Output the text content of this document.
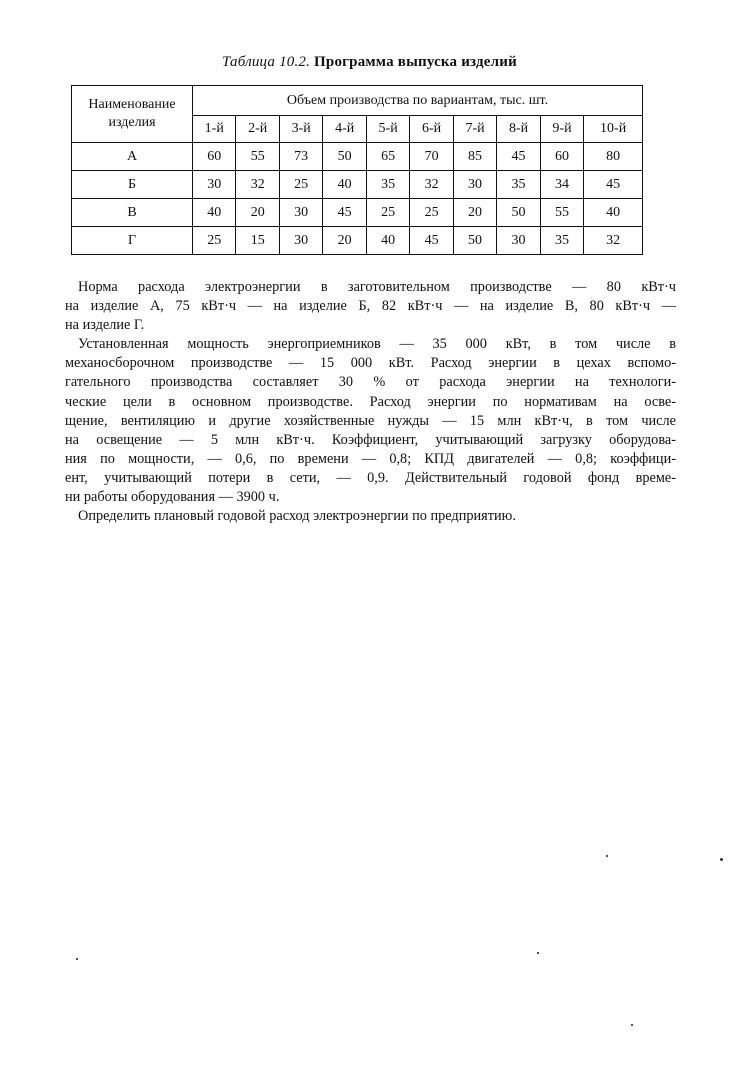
Таблица 10.2. Программа выпуска изделий
Наименование изделия	Объем производства по вариантам, тыс. шт.									
	1-й	2-й	3-й	4-й	5-й	6-й	7-й	8-й	9-й	10-й
А	60	55	73	50	65	70	85	45	60	80
Б	30	32	25	40	35	32	30	35	34	45
В	40	20	30	45	25	25	20	50	55	40
Г	25	15	30	20	40	45	50	30	35	32

Норма расхода электроэнергии в заготовительном производстве — 80 кВт·ч
на изделие А, 75 кВт·ч — на изделие Б, 82 кВт·ч — на изделие В, 80 кВт·ч —
на изделие Г.

Установленная мощность энергоприемников — 35 000 кВт, в том числе в
механосборочном производстве — 15 000 кВт. Расход энергии в цехах вспомо-
гательного производства составляет 30 % от расхода энергии на технологи-
ческие цели в основном производстве. Расход энергии по нормативам на осве-
щение, вентиляцию и другие хозяйственные нужды — 15 млн кВт·ч, в том числе
на освещение — 5 млн кВт·ч. Коэффициент, учитывающий загрузку оборудова-
ния по мощности, — 0,6, по времени — 0,8; КПД двигателей — 0,8; коэффици-
ент, учитывающий потери в сети, — 0,9. Действительный годовой фонд време-
ни работы оборудования — 3900 ч.

Определить плановый годовой расход электроэнергии по предприятию.
